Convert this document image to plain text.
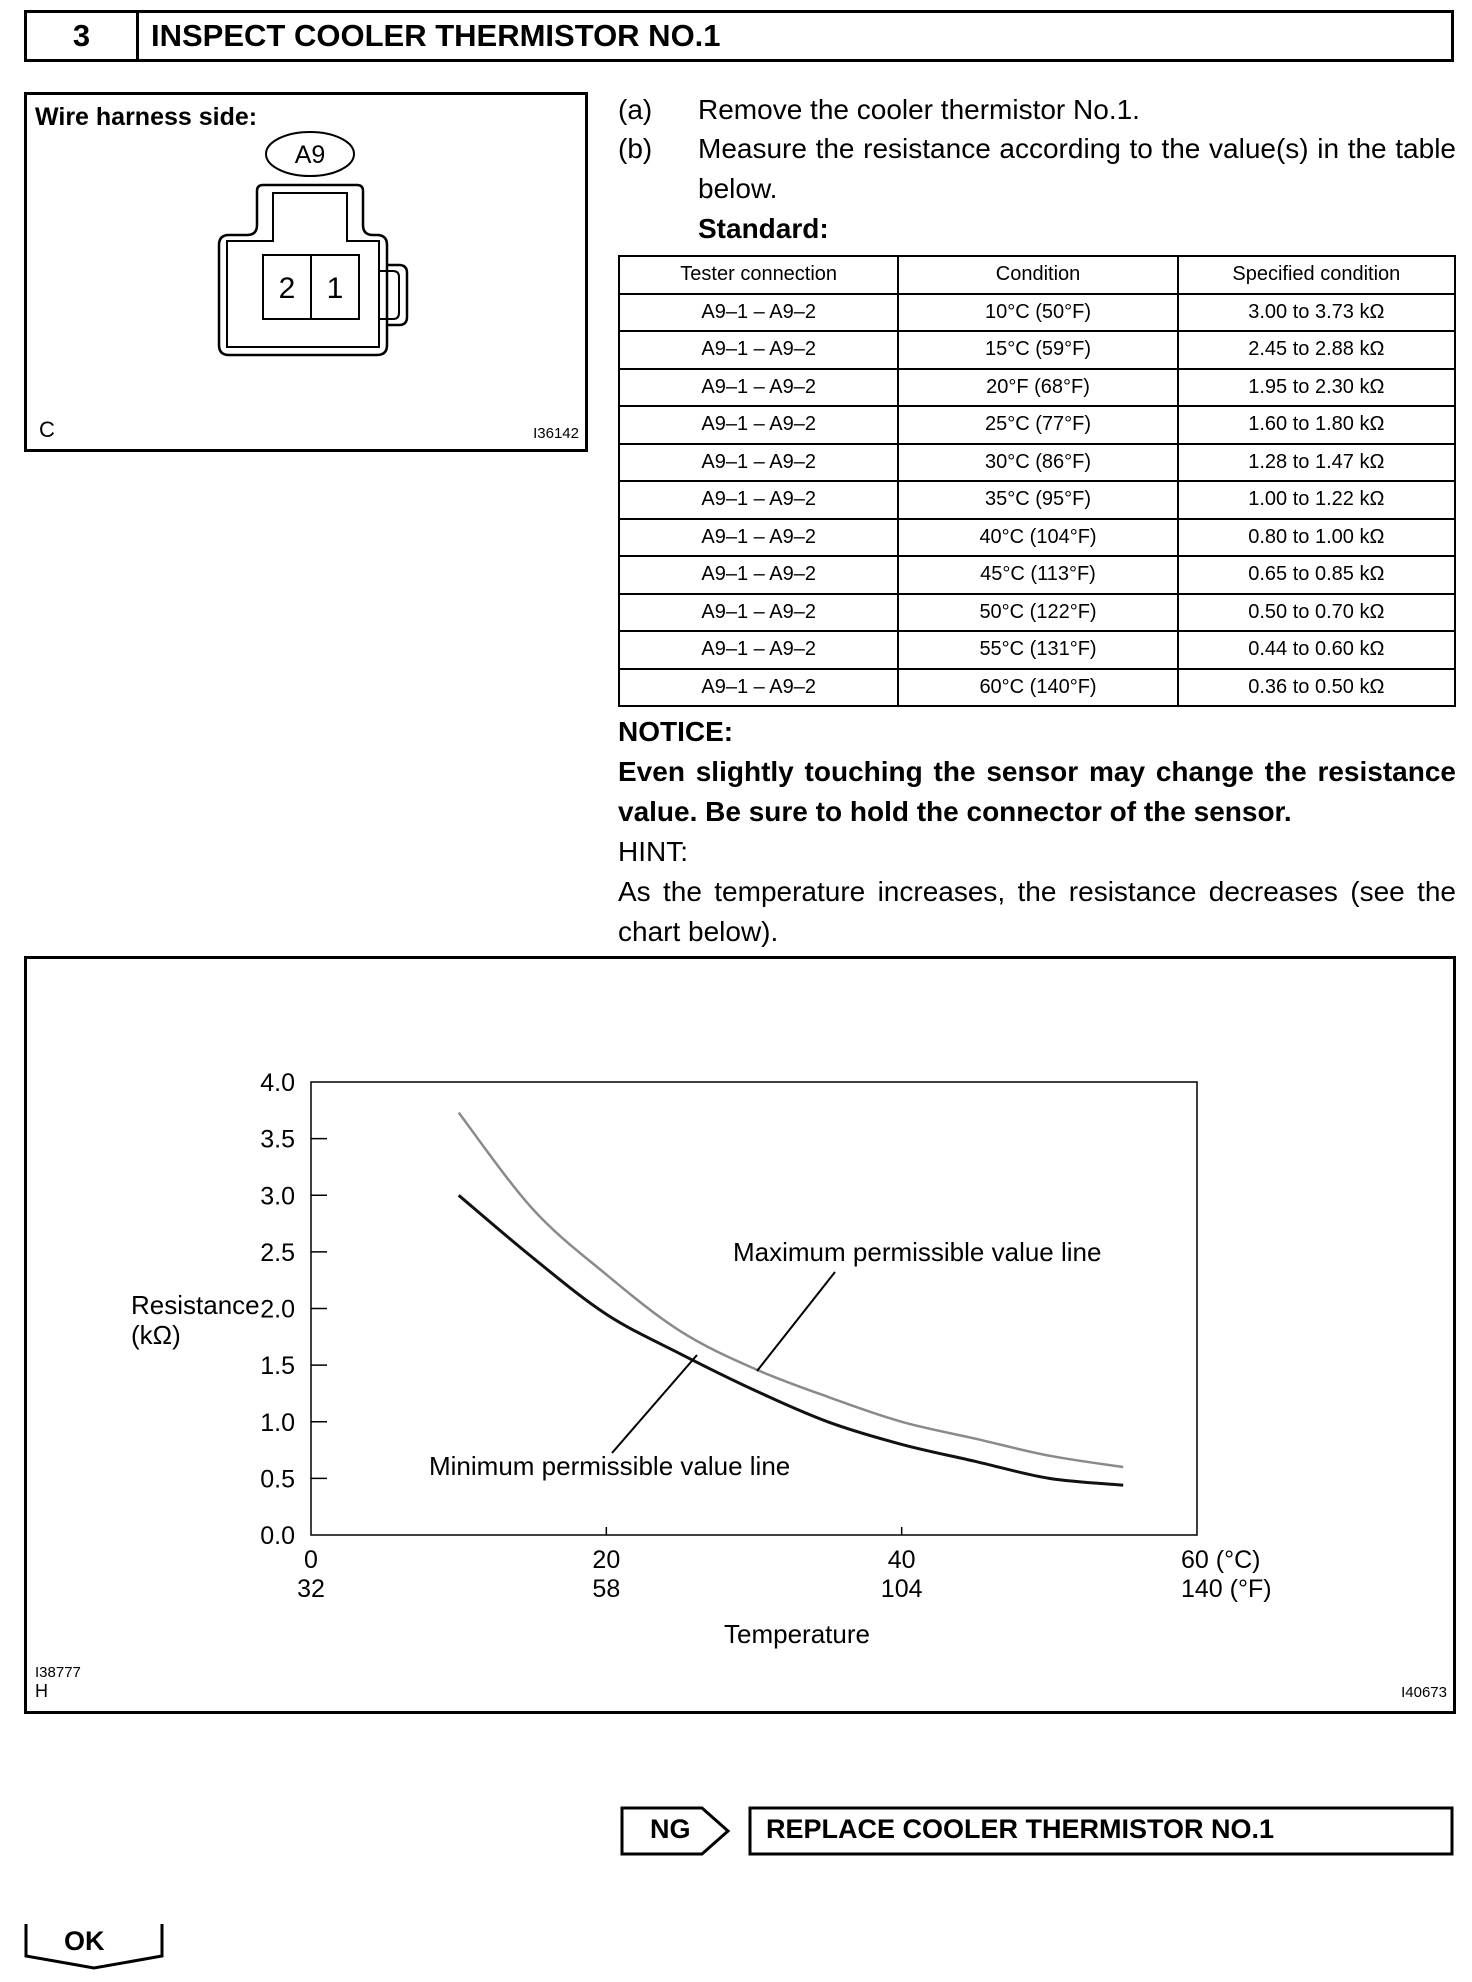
3	INSPECT COOLER THERMISTOR NO.1
Wire harness side:
A9
2 1
C	I36142
(a) Remove the cooler thermistor No.1.
(b) Measure the resistance according to the value(s) in the table below.
Standard:
Tester connection	Condition	Specified condition
A9–1 – A9–2	10°C (50°F)	3.00 to 3.73 kΩ
A9–1 – A9–2	15°C (59°F)	2.45 to 2.88 kΩ
A9–1 – A9–2	20°F (68°F)	1.95 to 2.30 kΩ
A9–1 – A9–2	25°C (77°F)	1.60 to 1.80 kΩ
A9–1 – A9–2	30°C (86°F)	1.28 to 1.47 kΩ
A9–1 – A9–2	35°C (95°F)	1.00 to 1.22 kΩ
A9–1 – A9–2	40°C (104°F)	0.80 to 1.00 kΩ
A9–1 – A9–2	45°C (113°F)	0.65 to 0.85 kΩ
A9–1 – A9–2	50°C (122°F)	0.50 to 0.70 kΩ
A9–1 – A9–2	55°C (131°F)	0.44 to 0.60 kΩ
A9–1 – A9–2	60°C (140°F)	0.36 to 0.50 kΩ
NOTICE:
Even slightly touching the sensor may change the resistance value. Be sure to hold the connector of the sensor.
HINT:
As the temperature increases, the resistance decreases (see the chart below).
4.0
3.5
3.0
2.5
2.0
1.5
1.0
0.5
0.0
0
32
20
58
40
104
60 (°C)
140 (°F)
Resistance
(kΩ)
Temperature
Maximum permissible value line
Minimum permissible value line
I38777
H	I40673
NG	REPLACE COOLER THERMISTOR NO.1
OK
